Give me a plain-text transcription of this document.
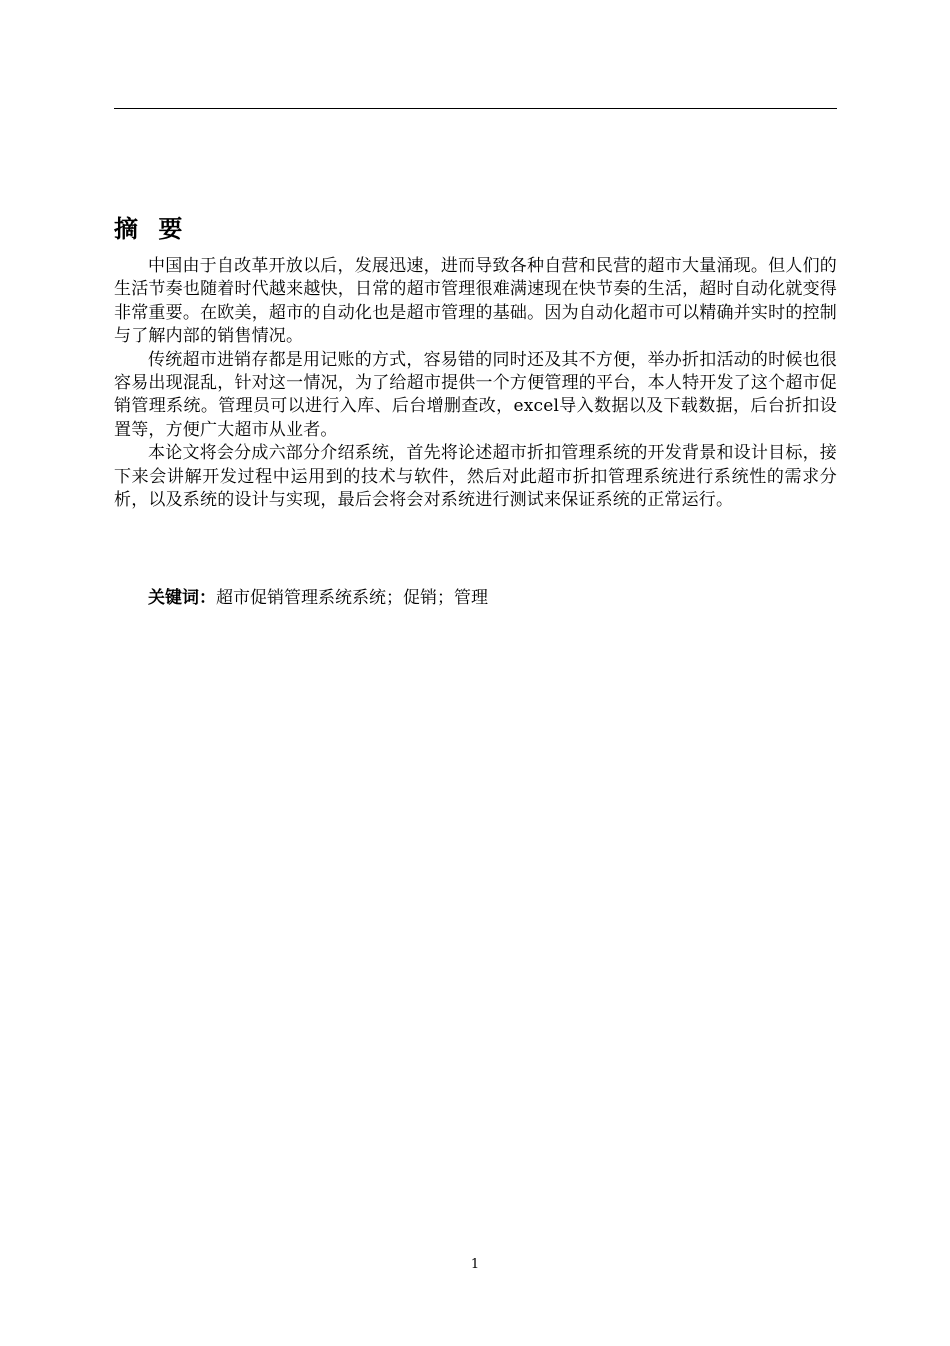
摘 要

中国由于自改革开放以后，发展迅速，进而导致各种自营和民营的超市大量涌现。但人们的生活节奏也随着时代越来越快，日常的超市管理很难满速现在快节奏的生活，超时自动化就变得非常重要。在欧美，超市的自动化也是超市管理的基础。因为自动化超市可以精确并实时的控制与了解内部的销售情况。

传统超市进销存都是用记账的方式，容易错的同时还及其不方便，举办折扣活动的时候也很容易出现混乱，针对这一情况，为了给超市提供一个方便管理的平台，本人特开发了这个超市促销管理系统。管理员可以进行入库、后台增删查改，excel导入数据以及下载数据，后台折扣设置等，方便广大超市从业者。

本论文将会分成六部分介绍系统，首先将论述超市折扣管理系统的开发背景和设计目标，接下来会讲解开发过程中运用到的技术与软件，然后对此超市折扣管理系统进行系统性的需求分析，以及系统的设计与实现，最后会将会对系统进行测试来保证系统的正常运行。

关键词：超市促销管理系统系统；促销；管理

1
